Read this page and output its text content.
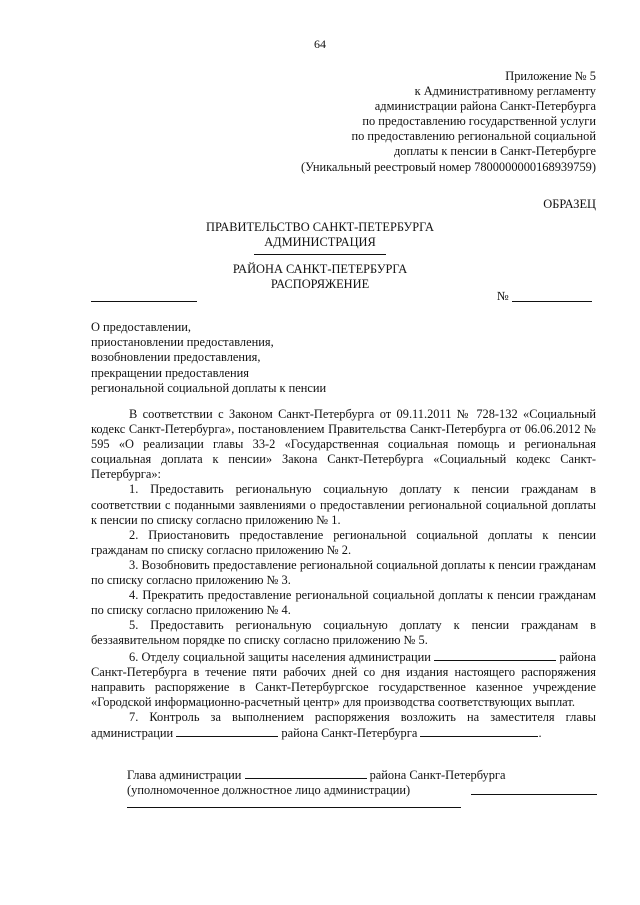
64
Приложение № 5
к Административному регламенту
администрации района Санкт-Петербурга
по предоставлению государственной услуги
по предоставлению региональной социальной
доплаты к пенсии в Санкт-Петербурге
(Уникальный реестровый номер 7800000000168939759)
ОБРАЗЕЦ
ПРАВИТЕЛЬСТВО САНКТ-ПЕТЕРБУРГА
АДМИНИСТРАЦИЯ
РАЙОНА САНКТ-ПЕТЕРБУРГА
РАСПОРЯЖЕНИЕ
№
О предоставлении,
приостановлении предоставления,
возобновлении предоставления,
прекращении предоставления
региональной социальной доплаты к пенсии

В соответствии с Законом Санкт-Петербурга от 09.11.2011 № 728-132 «Социальный кодекс Санкт-Петербурга», постановлением Правительства Санкт-Петербурга от 06.06.2012 № 595 «О реализации главы 33-2 «Государственная социальная помощь и региональная социальная доплата к пенсии» Закона Санкт-Петербурга «Социальный кодекс Санкт-Петербурга»:

1. Предоставить региональную социальную доплату к пенсии гражданам в соответствии с поданными заявлениями о предоставлении региональной социальной доплаты к пенсии по списку согласно приложению № 1.

2. Приостановить предоставление региональной социальной доплаты к пенсии гражданам по списку согласно приложению № 2.

3. Возобновить предоставление региональной социальной доплаты к пенсии гражданам по списку согласно приложению № 3.

4. Прекратить предоставление региональной социальной доплаты к пенсии гражданам по списку согласно приложению № 4.

5. Предоставить региональную социальную доплату к пенсии гражданам в беззаявительном порядке по списку согласно приложению № 5.

6. Отделу социальной защиты населения администрации	района Санкт-Петербурга в течение пяти рабочих дней со дня издания настоящего распоряжения направить распоряжение в Санкт-Петербургское государственное казенное учреждение «Городской информационно-расчетный центр» для производства соответствующих выплат.

7. Контроль за выполнением распоряжения возложить на заместителя главы администрации	района Санкт-Петербурга	.

Глава администрации	района Санкт-Петербурга
(уполномоченное должностное лицо администрации)
